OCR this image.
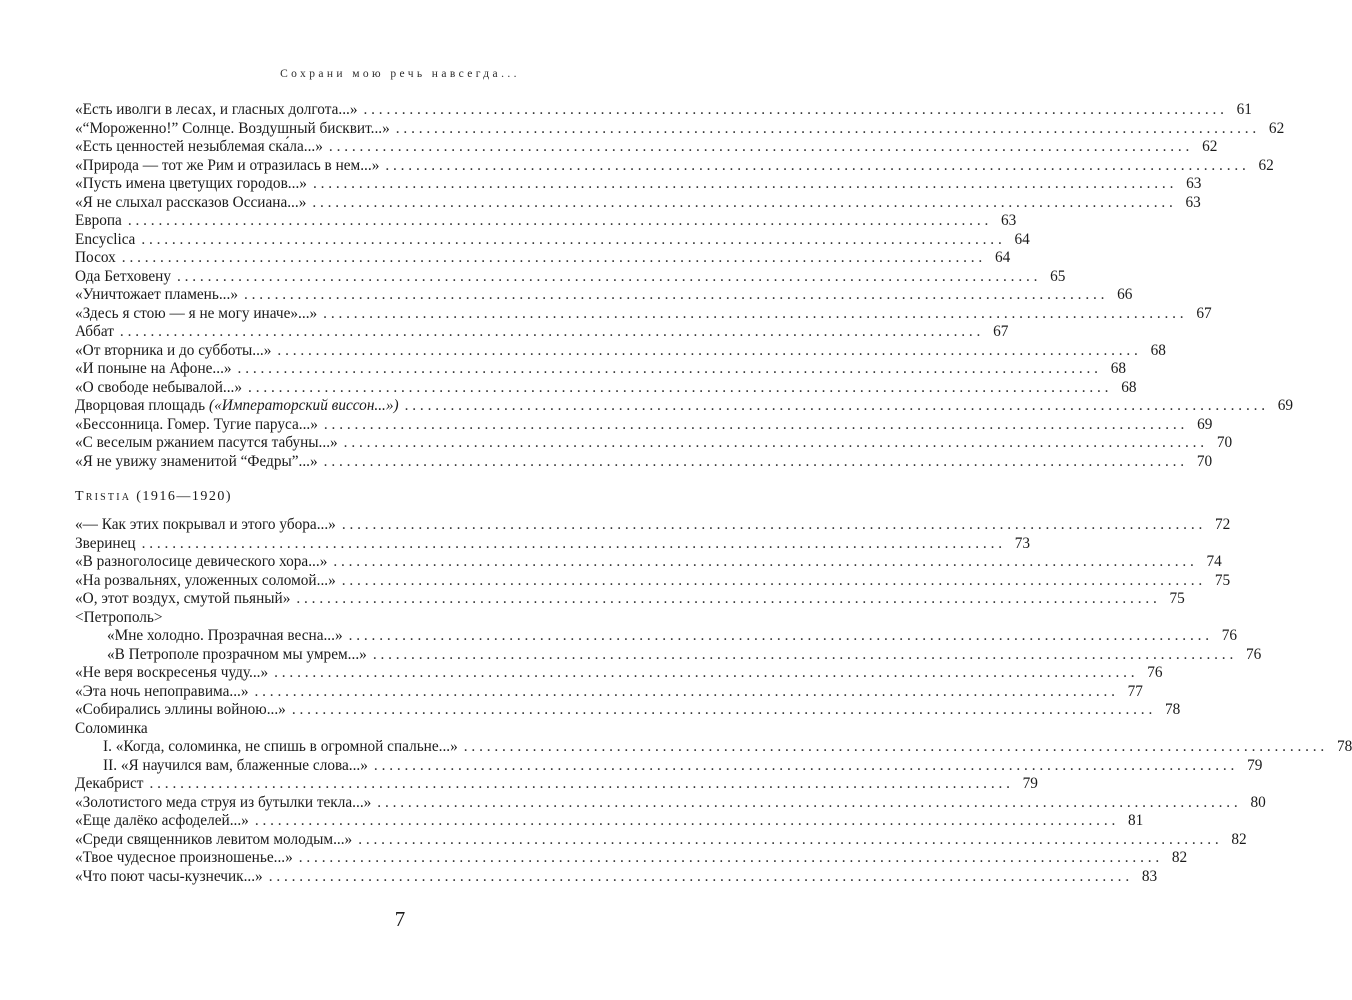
Сохрани мою речь навсегда...
«Есть иволги в лесах, и гласных долгота...» . . .	61
«“Мороженно!” Солнце. Воздушный бисквит...» . . .	62
«Есть ценностей незыблемая ска́ла...» . . .	62
«Природа — тот же Рим и отразилась в нем...» . . .	62
«Пусть имена цветущих городов...» . . .	63
«Я не слыхал рассказов Оссиана...» . . .	63
Европа . . .	63
Encyclica . . .	64
Посох . . .	64
Ода Бетховену . . .	65
«Уничтожает пламень...» . . .	66
«Здесь я стою — я не могу иначе»...» . . .	67
Аббат . . .	67
«От вторника и до субботы...» . . .	68
«И поныне на Афоне...» . . .	68
«О свободе небывалой...» . . .	68
Дворцовая площадь («Императорский виссон...») . . .	69
«Бессонница. Гомер. Тугие паруса...» . . .	69
«С веселым ржанием пасутся табуны...» . . .	70
«Я не увижу знаменитой “Федры”...» . . .	70
Tristia
(1916—1920)
«— Как этих покрывал и этого убора...» . . .	72
Зверинец . . .	73
«В разноголосице девического хора...» . . .	74
«На розвальнях, уложенных соломой...» . . .	75
«О, этот воздух, смутой пьяный» . . .	75
<Петрополь>
«Мне холодно. Прозрачная весна...» . . .	76
«В Петрополе прозрачном мы умрем...» . . .	76
«Не веря воскресенья чуду...» . . .	76
«Эта ночь непоправима...» . . .	77
«Собирались эллины войною...» . . .	78
Соломинка
I. «Когда, соломинка, не спишь в огромной спальне...» . . .	78
II. «Я научился вам, блаженные слова...» . . .	79
Декабрист . . .	79
«Золотистого меда струя из бутылки текла...» . . .	80
«Еще далёко асфоделей...» . . .	81
«Среди священников левитом молодым...» . . .	82
«Твое чудесное произношенье...» . . .	82
«Что поют часы-кузнечик...» . . .	83
7
